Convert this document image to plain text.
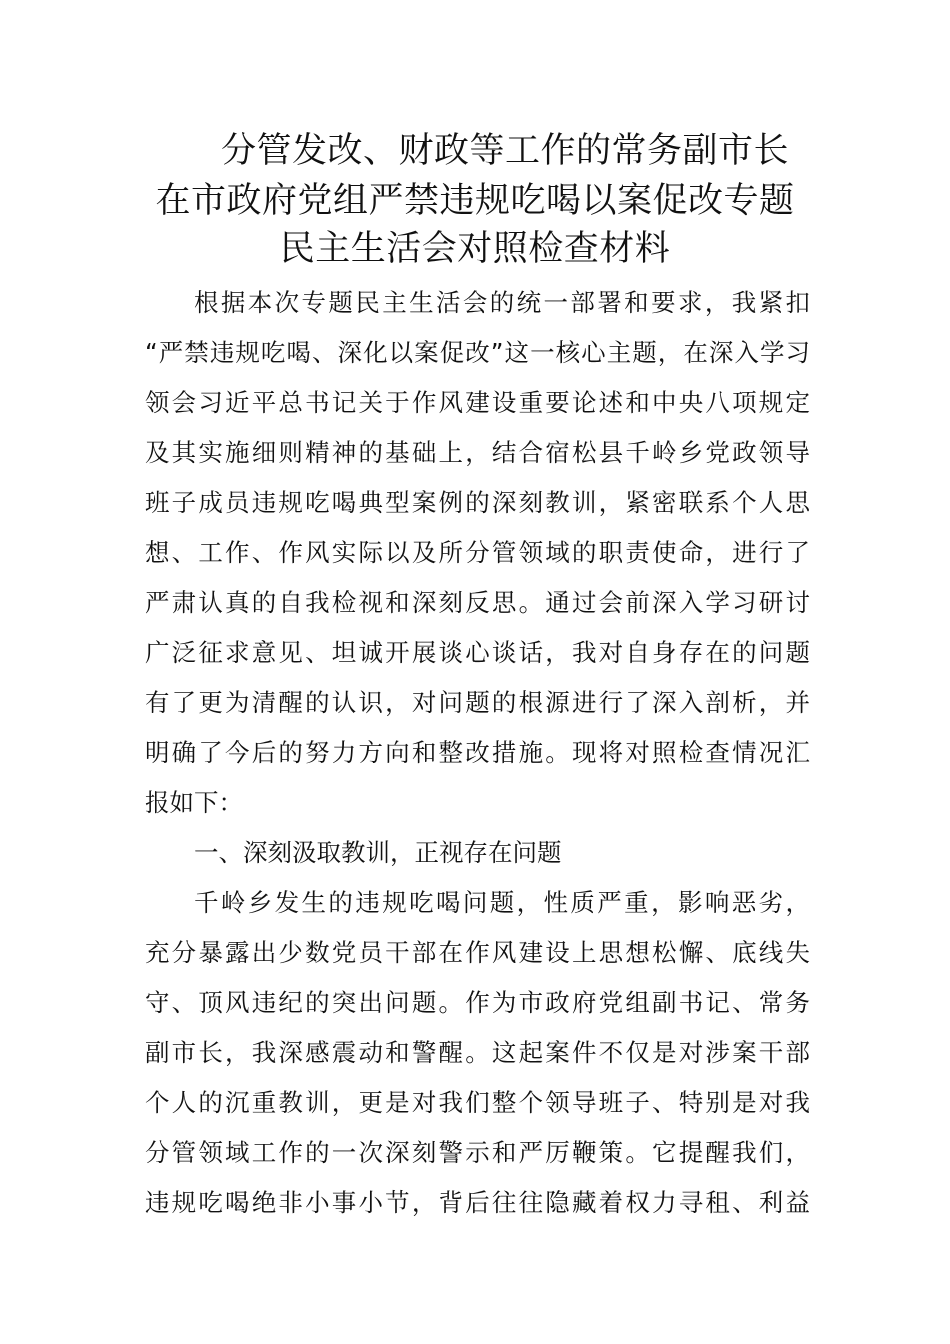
分管发改、财政等工作的常务副市长
在市政府党组严禁违规吃喝以案促改专题
民主生活会对照检查材料
根据本次专题民主生活会的统一部署和要求，我紧扣
“严禁违规吃喝、深化以案促改”这一核心主题，在深入学习
领会习近平总书记关于作风建设重要论述和中央八项规定
及其实施细则精神的基础上，结合宿松县千岭乡党政领导
班子成员违规吃喝典型案例的深刻教训，紧密联系个人思
想、工作、作风实际以及所分管领域的职责使命，进行了
严肃认真的自我检视和深刻反思。通过会前深入学习研讨
广泛征求意见、坦诚开展谈心谈话，我对自身存在的问题
有了更为清醒的认识，对问题的根源进行了深入剖析，并
明确了今后的努力方向和整改措施。现将对照检查情况汇
报如下：
一、深刻汲取教训，正视存在问题
千岭乡发生的违规吃喝问题，性质严重，影响恶劣，
充分暴露出少数党员干部在作风建设上思想松懈、底线失
守、顶风违纪的突出问题。作为市政府党组副书记、常务
副市长，我深感震动和警醒。这起案件不仅是对涉案干部
个人的沉重教训，更是对我们整个领导班子、特别是对我
分管领域工作的一次深刻警示和严厉鞭策。它提醒我们，
违规吃喝绝非小事小节，背后往往隐藏着权力寻租、利益
